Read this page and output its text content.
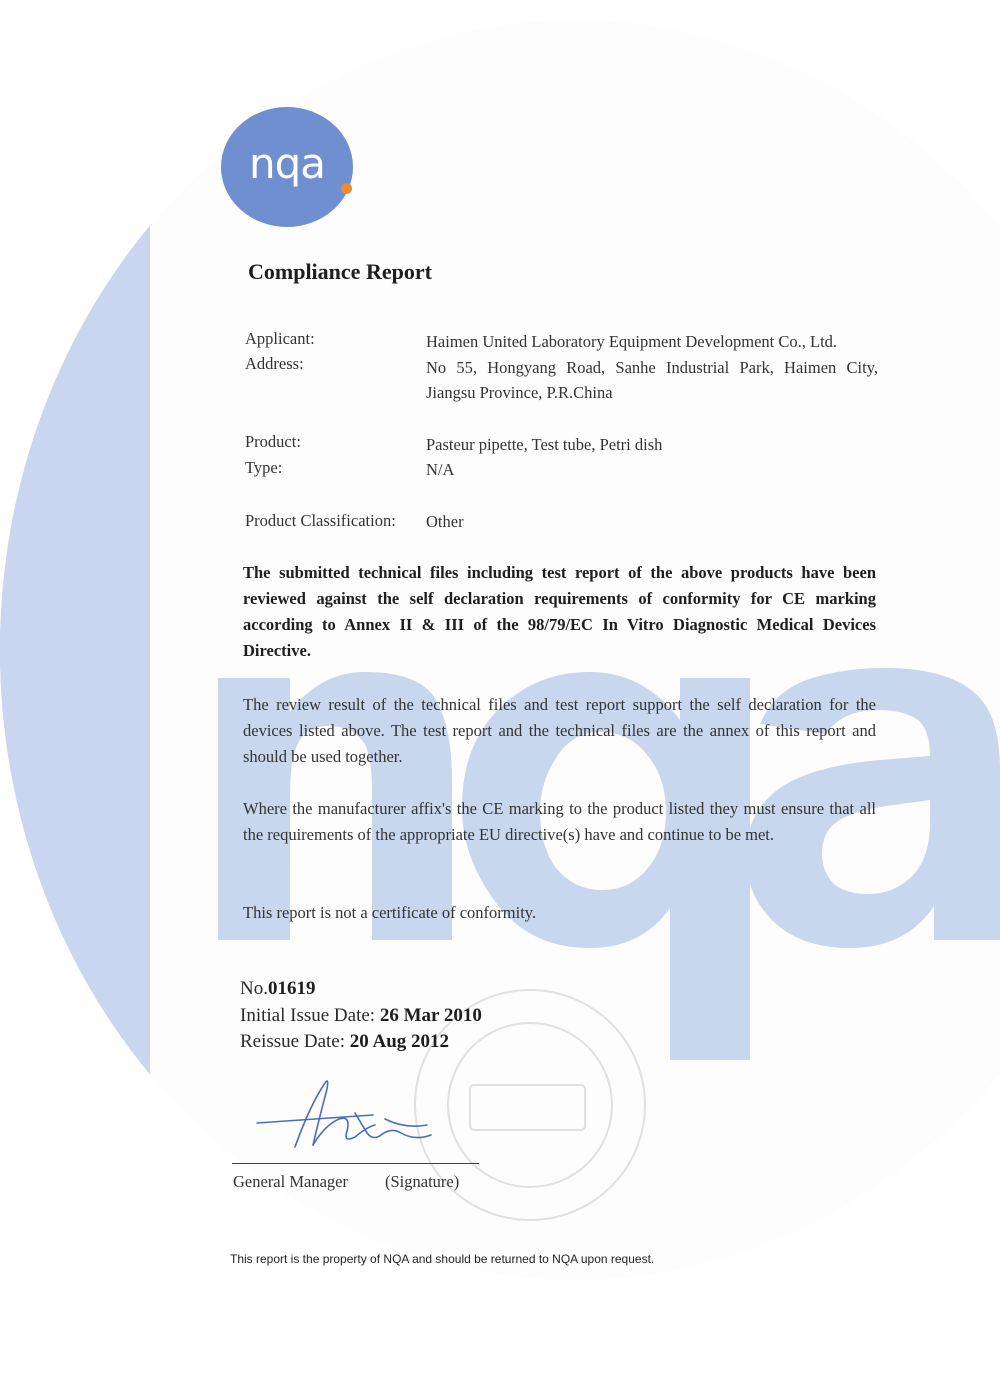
nqa
Compliance Report
Applicant:	Haimen United Laboratory Equipment Development Co., Ltd.
Address:	No 55, Hongyang Road, Sanhe Industrial Park, Haimen City,
Jiangsu Province, P.R.China
Product:	Pasteur pipette, Test tube, Petri dish
Type:	N/A
Product Classification: Other
The submitted technical files including test report of the above products have been reviewed against the self declaration requirements of conformity for CE marking according to Annex II & III of the 98/79/EC In Vitro Diagnostic Medical Devices Directive.
The review result of the technical files and test report support the self declaration for the devices listed above. The test report and the technical files are the annex of this report and should be used together.
Where the manufacturer affix's the CE marking to the product listed they must ensure that all the requirements of the appropriate EU directive(s) have and continue to be met.
This report is not a certificate of conformity.
No.01619
Initial Issue Date: 26 Mar 2010
Reissue Date: 20 Aug 2012
General Manager (Signature)
This report is the property of NQA and should be returned to NQA upon request.
